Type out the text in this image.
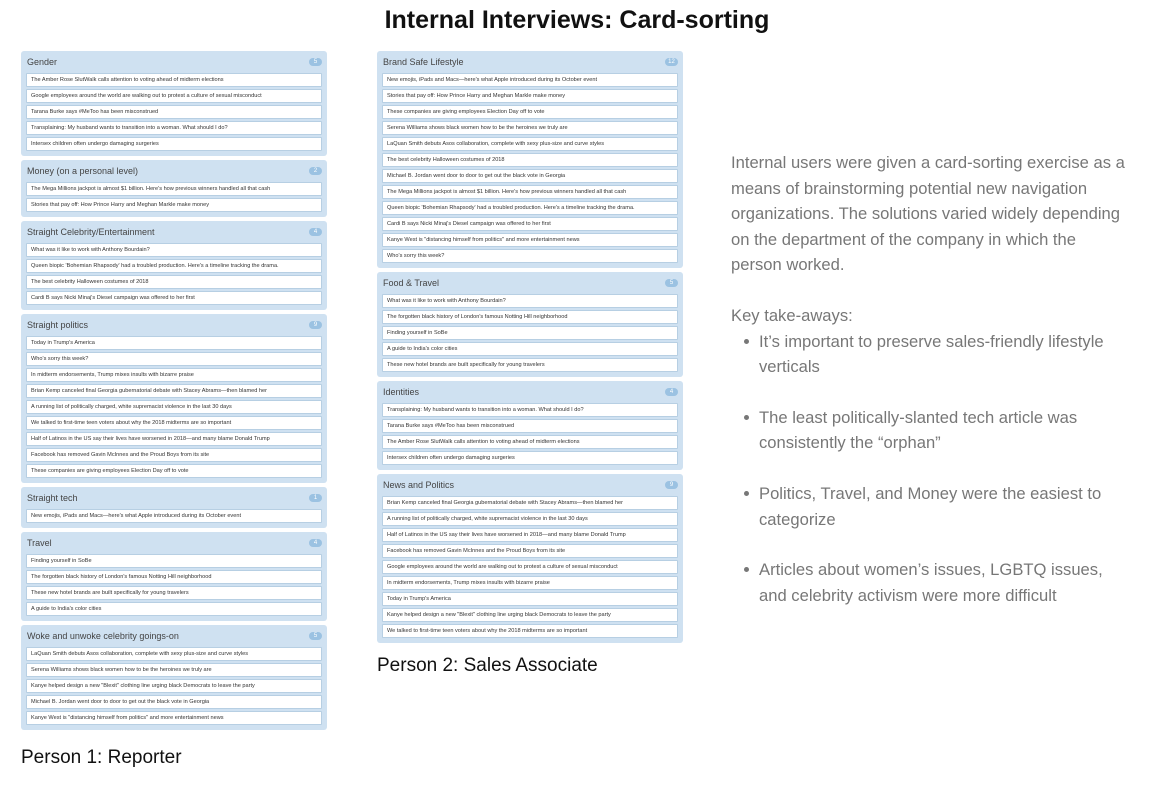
Internal Interviews: Card-sorting
Gender	5
The Amber Rose SlutWalk calls attention to voting ahead of midterm elections
Google employees around the world are walking out to protest a culture of sexual misconduct
Tarana Burke says #MeToo has been misconstrued
Transplaining: My husband wants to transition into a woman. What should I do?
Intersex children often undergo damaging surgeries
Money (on a personal level)	2
The Mega Millions jackpot is almost $1 billion. Here's how previous winners handled all that cash
Stories that pay off: How Prince Harry and Meghan Markle make money
Straight Celebrity/Entertainment	4
What was it like to work with Anthony Bourdain?
Queen biopic 'Bohemian Rhapsody' had a troubled production. Here's a timeline tracking the drama.
The best celebrity Halloween costumes of 2018
Cardi B says Nicki Minaj's Diesel campaign was offered to her first
Straight politics	9
Today in Trump's America
Who's sorry this week?
In midterm endorsements, Trump mixes insults with bizarre praise
Brian Kemp canceled final Georgia gubernatorial debate with Stacey Abrams—then blamed her
A running list of politically charged, white supremacist violence in the last 30 days
We talked to first-time teen voters about why the 2018 midterms are so important
Half of Latinos in the US say their lives have worsened in 2018—and many blame Donald Trump
Facebook has removed Gavin McInnes and the Proud Boys from its site
These companies are giving employees Election Day off to vote
Straight tech	1
New emojis, iPads and Macs—here's what Apple introduced during its October event
Travel	4
Finding yourself in SoBe
The forgotten black history of London's famous Notting Hill neighborhood
These new hotel brands are built specifically for young travelers
A guide to India's color cities
Woke and unwoke celebrity goings-on	5
LaQuan Smith debuts Asos collaboration, complete with sexy plus-size and curve styles
Serena Williams shows black women how to be the heroines we truly are
Kanye helped design a new "Blexit" clothing line urging black Democrats to leave the party
Michael B. Jordan went door to door to get out the black vote in Georgia
Kanye West is "distancing himself from politics" and more entertainment news
Person 1: Reporter
Brand Safe Lifestyle	12
New emojis, iPads and Macs—here's what Apple introduced during its October event
Stories that pay off: How Prince Harry and Meghan Markle make money
These companies are giving employees Election Day off to vote
Serena Williams shows black women how to be the heroines we truly are
LaQuan Smith debuts Asos collaboration, complete with sexy plus-size and curve styles
The best celebrity Halloween costumes of 2018
Michael B. Jordan went door to door to get out the black vote in Georgia
The Mega Millions jackpot is almost $1 billion. Here's how previous winners handled all that cash
Queen biopic 'Bohemian Rhapsody' had a troubled production. Here's a timeline tracking the drama.
Cardi B says Nicki Minaj's Diesel campaign was offered to her first
Kanye West is "distancing himself from politics" and more entertainment news
Who's sorry this week?
Food & Travel	5
What was it like to work with Anthony Bourdain?
The forgotten black history of London's famous Notting Hill neighborhood
Finding yourself in SoBe
A guide to India's color cities
These new hotel brands are built specifically for young travelers
Identities	4
Transplaining: My husband wants to transition into a woman. What should I do?
Tarana Burke says #MeToo has been misconstrued
The Amber Rose SlutWalk calls attention to voting ahead of midterm elections
Intersex children often undergo damaging surgeries
News and Politics	9
Brian Kemp canceled final Georgia gubernatorial debate with Stacey Abrams—then blamed her
A running list of politically charged, white supremacist violence in the last 30 days
Half of Latinos in the US say their lives have worsened in 2018—and many blame Donald Trump
Facebook has removed Gavin McInnes and the Proud Boys from its site
Google employees around the world are walking out to protest a culture of sexual misconduct
In midterm endorsements, Trump mixes insults with bizarre praise
Today in Trump's America
Kanye helped design a new "Blexit" clothing line urging black Democrats to leave the party
We talked to first-time teen voters about why the 2018 midterms are so important
Person 2: Sales Associate

Internal users were given a card-sorting exercise as a means of brainstorming potential new navigation organizations. The solutions varied widely depending on the department of the company in which the person worked.

Key take-aways:

It’s important to preserve sales-friendly lifestyle verticals
The least politically-slanted tech article was consistently the “orphan”
Politics, Travel, and Money were the easiest to categorize
Articles about women’s issues, LGBTQ issues, and celebrity activism were more difficult
